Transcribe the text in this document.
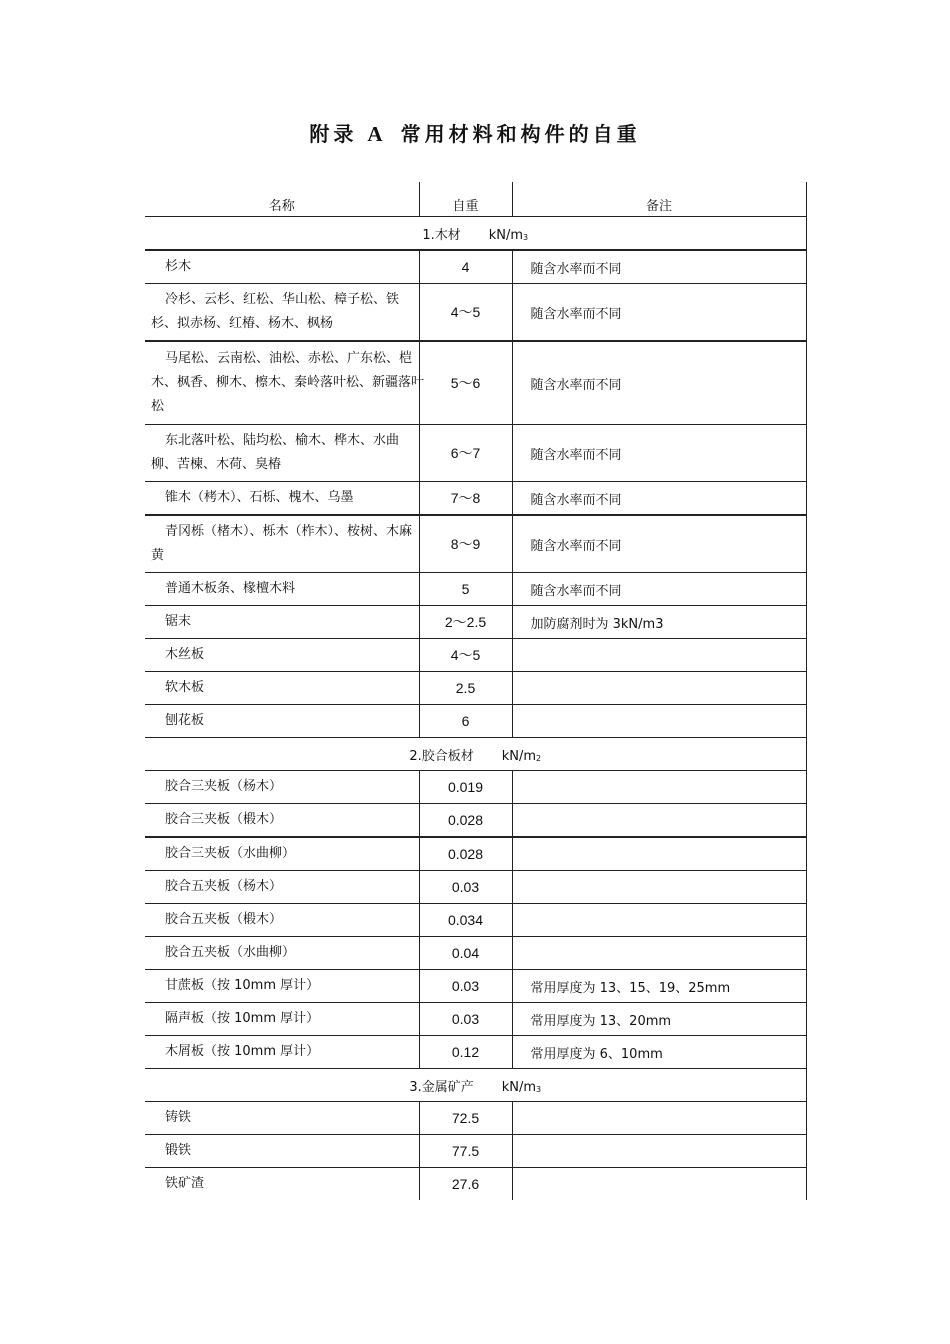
附录 A 常用材料和构件的自重
名称	自重	备注
1.木材 $kN/m_3$

杉木	4	随含水率而不同

冷杉、云杉、红松、华山松、樟子松、铁杉、拟赤杨、红椿、杨木、枫杨	4～5	随含水率而不同

马尾松、云南松、油松、赤松、广东松、桤木、枫香、柳木、檫木、秦岭落叶松、新疆落叶松	5～6	随含水率而不同

东北落叶松、陆均松、榆木、桦木、水曲柳、苦楝、木荷、臭椿	6～7	随含水率而不同

锥木（栲木）、石栎、槐木、乌墨	7～8	随含水率而不同

青冈栎（楮木）、栎木（柞木）、桉树、木麻黄	8～9	随含水率而不同

普通木板条、椽檀木料	5	随含水率而不同

锯末	2～2.5	加防腐剂时为 3kN/m3

木丝板	4～5	

软木板	2.5	

刨花板	6	
2.胶合板材 $kN/m_2$

胶合三夹板（杨木）	0.019	

胶合三夹板（椴木）	0.028	

胶合三夹板（水曲柳）	0.028	

胶合五夹板（杨木）	0.03	

胶合五夹板（椴木）	0.034	

胶合五夹板（水曲柳）	0.04	

甘蔗板（按 10mm 厚计）	0.03	常用厚度为 13、15、19、25mm

隔声板（按 10mm 厚计）	0.03	常用厚度为 13、20mm

木屑板（按 10mm 厚计）	0.12	常用厚度为 6、10mm
3.金属矿产 $kN/m_3$

铸铁	72.5	

锻铁	77.5	

铁矿渣	27.6	
